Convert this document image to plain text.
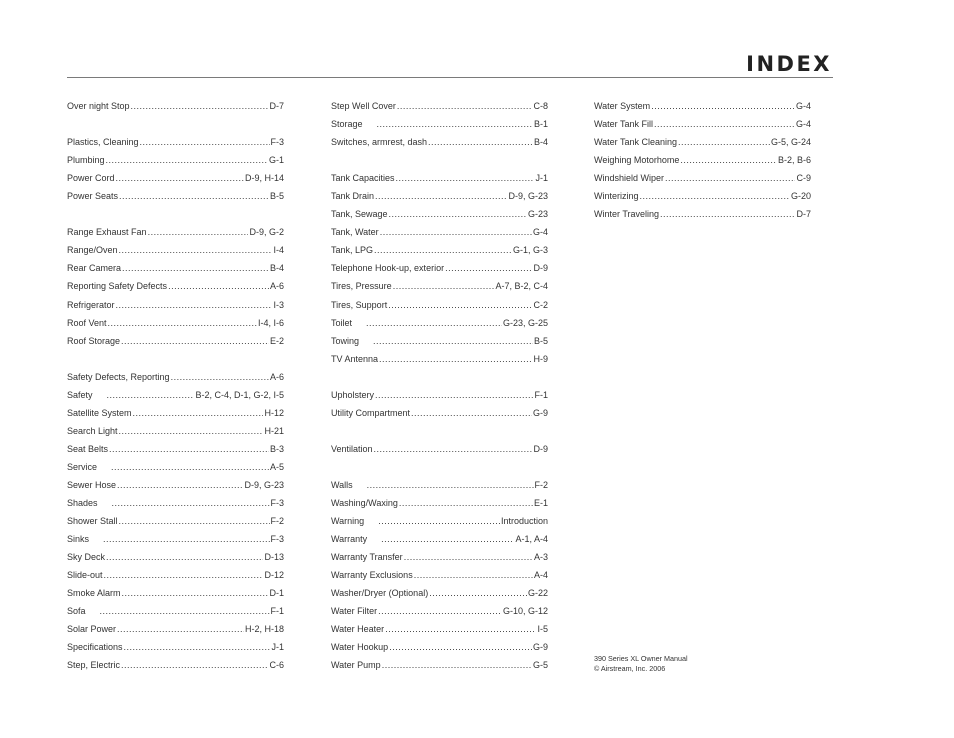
INDEX
Over night Stop .....	D-7
Plastics, Cleaning .....	F-3
Plumbing .....	G-1
Power Cord .....	D-9, H-14
Power Seats .....	B-5
Range Exhaust Fan .....	D-9, G-2
Range/Oven .....	I-4
Rear Camera .....	B-4
Reporting Safety Defects .....	A-6
Refrigerator .....	I-3
Roof Vent .....	I-4, I-6
Roof Storage .....	E-2
Safety Defects, Reporting .....	A-6
Safety .....	B-2, C-4, D-1, G-2, I-5
Satellite System .....	H-12
Search Light .....	H-21
Seat Belts .....	B-3
Service .....	A-5
Sewer Hose .....	D-9, G-23
Shades .....	F-3
Shower Stall .....	F-2
Sinks .....	F-3
Sky Deck .....	D-13
Slide-out .....	D-12
Smoke Alarm .....	D-1
Sofa .....	F-1
Solar Power .....	H-2, H-18
Specifications .....	J-1
Step, Electric .....	C-6
Step Well Cover .....	C-8
Storage .....	B-1
Switches, armrest, dash .....	B-4
Tank Capacities .....	J-1
Tank Drain .....	D-9, G-23
Tank, Sewage .....	G-23
Tank, Water .....	G-4
Tank, LPG .....	G-1, G-3
Telephone Hook-up, exterior .....	D-9
Tires, Pressure .....	A-7, B-2, C-4
Tires, Support .....	C-2
Toilet .....	G-23, G-25
Towing .....	B-5
TV Antenna .....	H-9
Upholstery .....	F-1
Utility Compartment .....	G-9
Ventilation .....	D-9
Walls .....	F-2
Washing/Waxing .....	E-1
Warning .....	Introduction
Warranty .....	A-1, A-4
Warranty Transfer .....	A-3
Warranty Exclusions .....	A-4
Washer/Dryer (Optional) .....	G-22
Water Filter .....	G-10, G-12
Water Heater .....	I-5
Water Hookup .....	G-9
Water Pump .....	G-5
Water System .....	G-4
Water Tank Fill .....	G-4
Water Tank Cleaning .....	G-5, G-24
Weighing Motorhome .....	B-2, B-6
Windshield Wiper .....	C-9
Winterizing .....	G-20
Winter Traveling .....	D-7
390 Series XL Owner Manual
© Airstream, Inc. 2006
